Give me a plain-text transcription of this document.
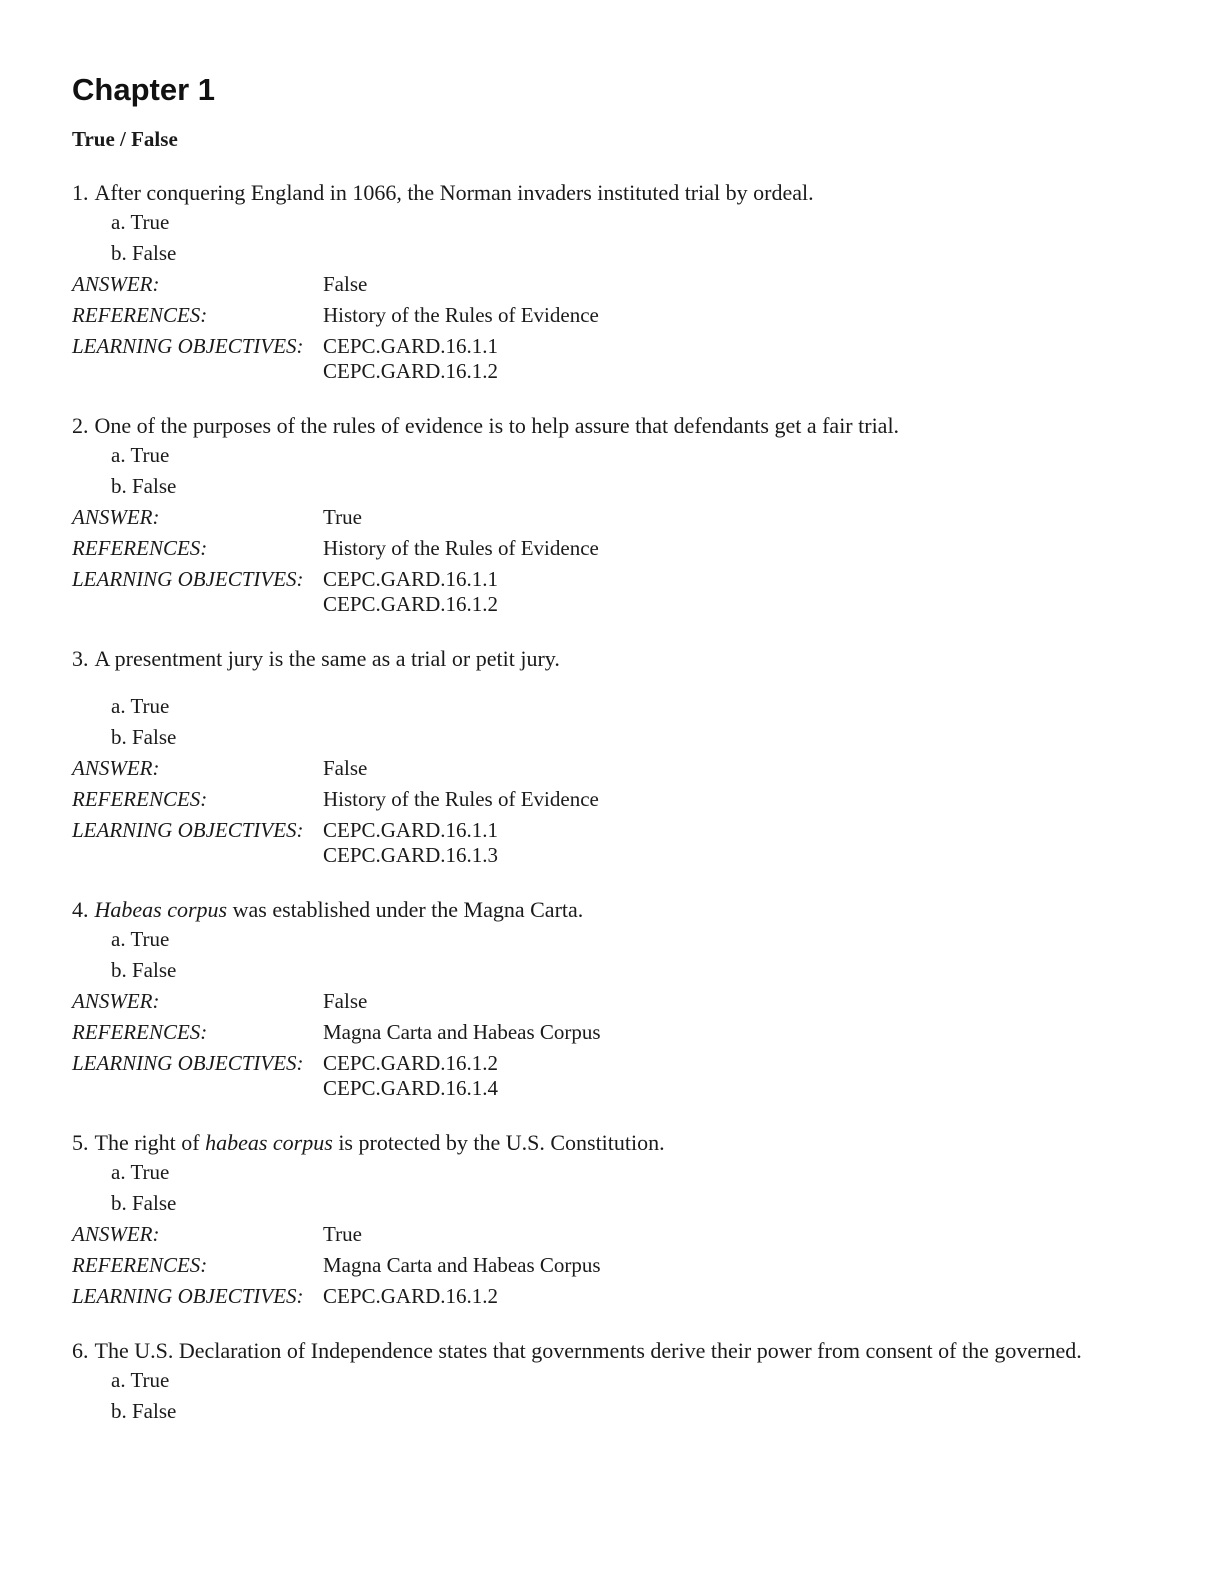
Chapter 1
True / False

1. After conquering England in 1066, the Norman invaders instituted trial by ordeal.

a. True
b. False
ANSWER:	False
REFERENCES:	History of the Rules of Evidence
LEARNING OBJECTIVES: CEPC.GARD.16.1.1
CEPC.GARD.16.1.2

2. One of the purposes of the rules of evidence is to help assure that defendants get a fair trial.

a. True
b. False
ANSWER:	True
REFERENCES:	History of the Rules of Evidence
LEARNING OBJECTIVES: CEPC.GARD.16.1.1
CEPC.GARD.16.1.2

3. A presentment jury is the same as a trial or petit jury.

a. True
b. False
ANSWER:	False
REFERENCES:	History of the Rules of Evidence
LEARNING OBJECTIVES: CEPC.GARD.16.1.1
CEPC.GARD.16.1.3

4. Habeas corpus was established under the Magna Carta.

a. True
b. False
ANSWER:	False
REFERENCES:	Magna Carta and Habeas Corpus
LEARNING OBJECTIVES: CEPC.GARD.16.1.2
CEPC.GARD.16.1.4

5. The right of habeas corpus is protected by the U.S. Constitution.

a. True
b. False
ANSWER:	True
REFERENCES:	Magna Carta and Habeas Corpus
LEARNING OBJECTIVES: CEPC.GARD.16.1.2

6. The U.S. Declaration of Independence states that governments derive their power from consent of the governed.

a. True
b. False
